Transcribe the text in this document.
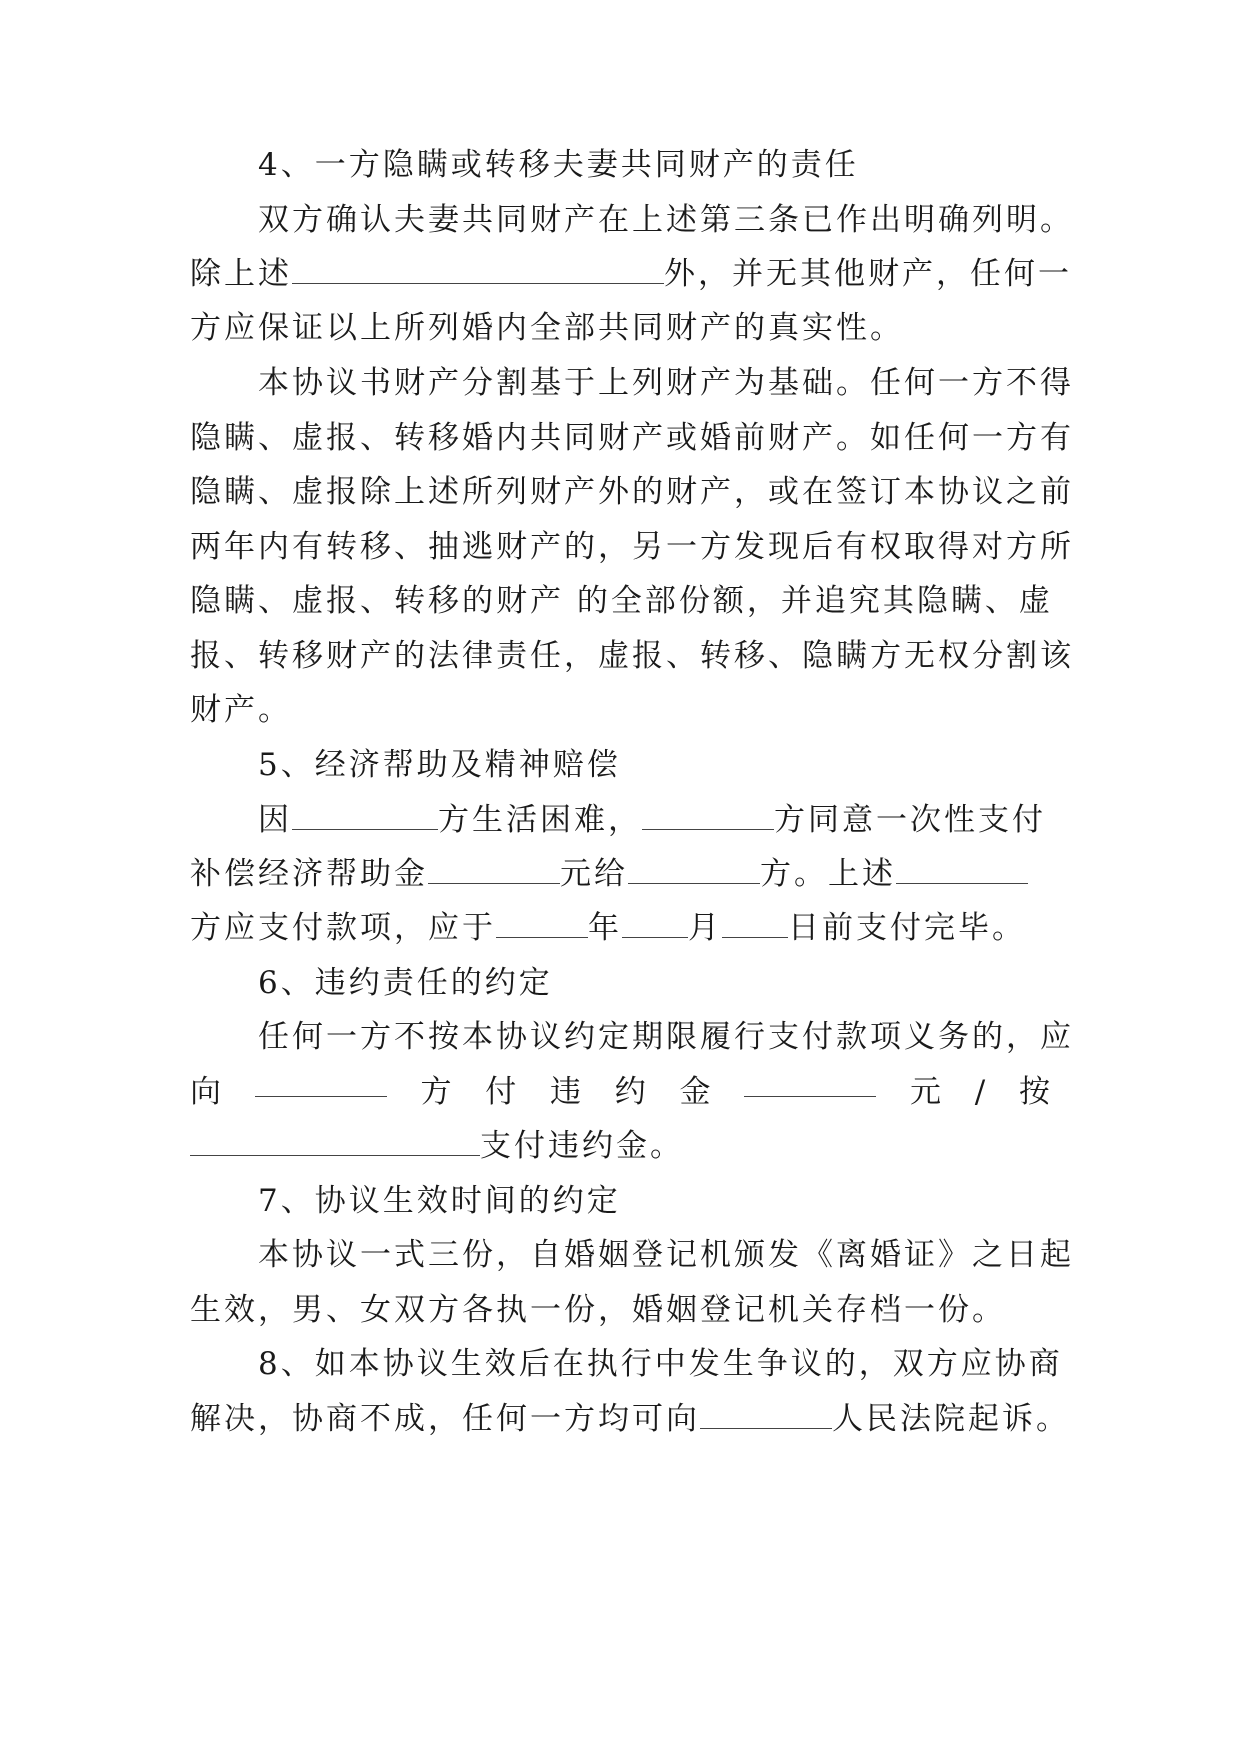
4、一方隐瞒或转移夫妻共同财产的责任
双方确认夫妻共同财产在上述第三条已作出明确列明。
除上述	外，并无其他财产，任何一
方应保证以上所列婚内全部共同财产的真实性。
本协议书财产分割基于上列财产为基础。任何一方不得
隐瞒、虚报、转移婚内共同财产或婚前财产。如任何一方有
隐瞒、虚报除上述所列财产外的财产，或在签订本协议之前
两年内有转移、抽逃财产的，另一方发现后有权取得对方所
隐瞒、虚报、转移的财产 的全部份额，并追究其隐瞒、虚
报、转移财产的法律责任，虚报、转移、隐瞒方无权分割该
财产。
5、经济帮助及精神赔偿
因	方生活困难，	方同意一次性支付
补偿经济帮助金	元给	方。上述
方应支付款项，应于	年 月 日前支付完毕。
6、违约责任的约定
任何一方不按本协议约定期限履行支付款项义务的，应
向	方 付 违 约 金	元 / 按
支付违约金。
7、协议生效时间的约定
本协议一式三份，自婚姻登记机颁发《离婚证》之日起
生效，男、女双方各执一份，婚姻登记机关存档一份。
8、如本协议生效后在执行中发生争议的，双方应协商
解决，协商不成，任何一方均可向	人民法院起诉。
